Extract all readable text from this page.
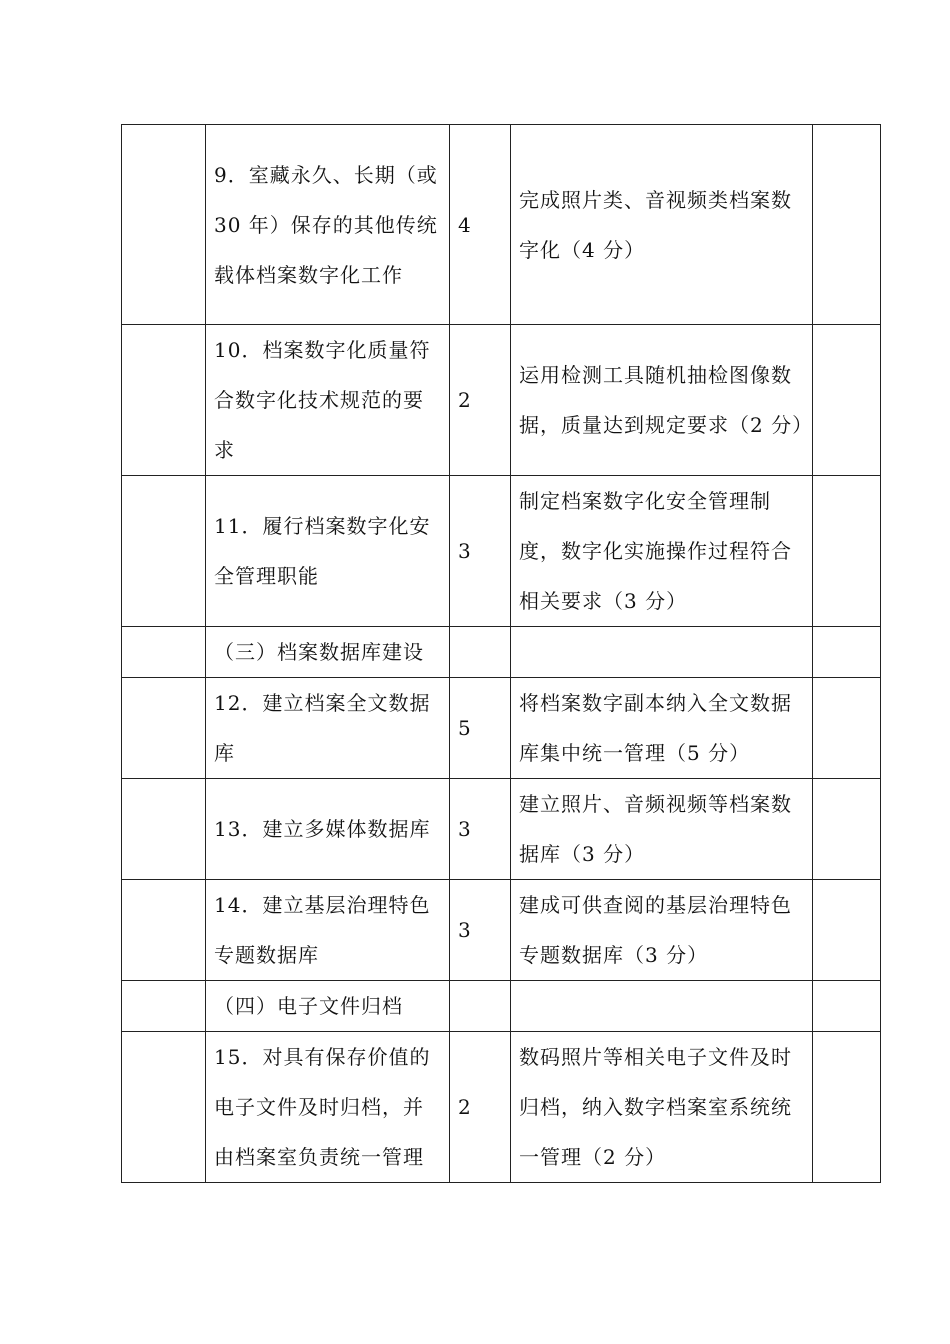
	9．室藏永久、长期（或 30 年）保存的其他传统载体档案数字化工作	4	完成照片类、音视频类档案数字化（4 分）	
	10．档案数字化质量符合数字化技术规范的要求	2	运用检测工具随机抽检图像数据，质量达到规定要求（2 分）	
	11．履行档案数字化安全管理职能	3	制定档案数字化安全管理制度，数字化实施操作过程符合相关要求（3 分）	
	（三）档案数据库建设			
	12．建立档案全文数据库	5	将档案数字副本纳入全文数据库集中统一管理（5 分）	
	13．建立多媒体数据库	3	建立照片、音频视频等档案数据库（3 分）	
	14．建立基层治理特色专题数据库	3	建成可供查阅的基层治理特色专题数据库（3 分）	
	（四）电子文件归档			
	15．对具有保存价值的电子文件及时归档，并由档案室负责统一管理	2	数码照片等相关电子文件及时归档，纳入数字档案室系统统一管理（2 分）	
